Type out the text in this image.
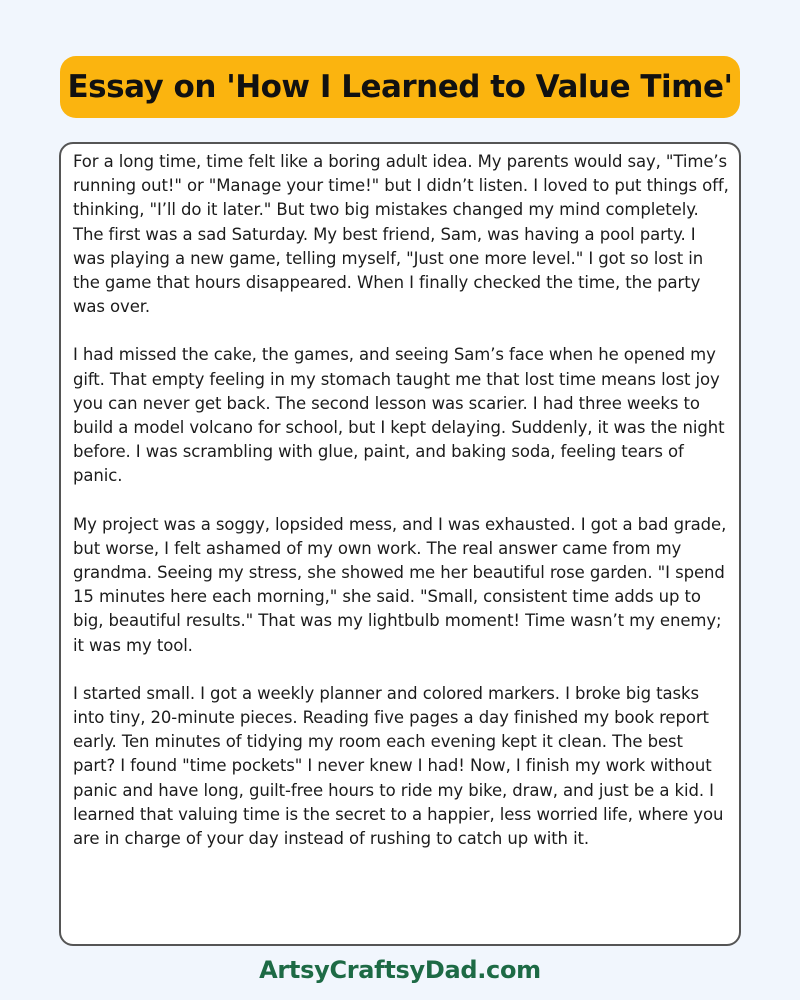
Essay on 'How I Learned to Value Time'

For a long time, time felt like a boring adult idea. My parents would say, "Time’s running out!" or "Manage your time!" but I didn’t listen. I loved to put things off, thinking, "I’ll do it later." But two big mistakes changed my mind completely. The first was a sad Saturday. My best friend, Sam, was having a pool party. I was playing a new game, telling myself, "Just one more level." I got so lost in the game that hours disappeared. When I finally checked the time, the party was over.

I had missed the cake, the games, and seeing Sam’s face when he opened my gift. That empty feeling in my stomach taught me that lost time means lost joy you can never get back. The second lesson was scarier. I had three weeks to build a model volcano for school, but I kept delaying. Suddenly, it was the night before. I was scrambling with glue, paint, and baking soda, feeling tears of panic.

My project was a soggy, lopsided mess, and I was exhausted. I got a bad grade, but worse, I felt ashamed of my own work. The real answer came from my grandma. Seeing my stress, she showed me her beautiful rose garden. "I spend 15 minutes here each morning," she said. "Small, consistent time adds up to big, beautiful results." That was my lightbulb moment! Time wasn’t my enemy; it was my tool.

I started small. I got a weekly planner and colored markers. I broke big tasks into tiny, 20-minute pieces. Reading five pages a day finished my book report early. Ten minutes of tidying my room each evening kept it clean. The best part? I found "time pockets" I never knew I had! Now, I finish my work without panic and have long, guilt-free hours to ride my bike, draw, and just be a kid. I learned that valuing time is the secret to a happier, less worried life, where you are in charge of your day instead of rushing to catch up with it.

ArtsyCraftsyDad.com
